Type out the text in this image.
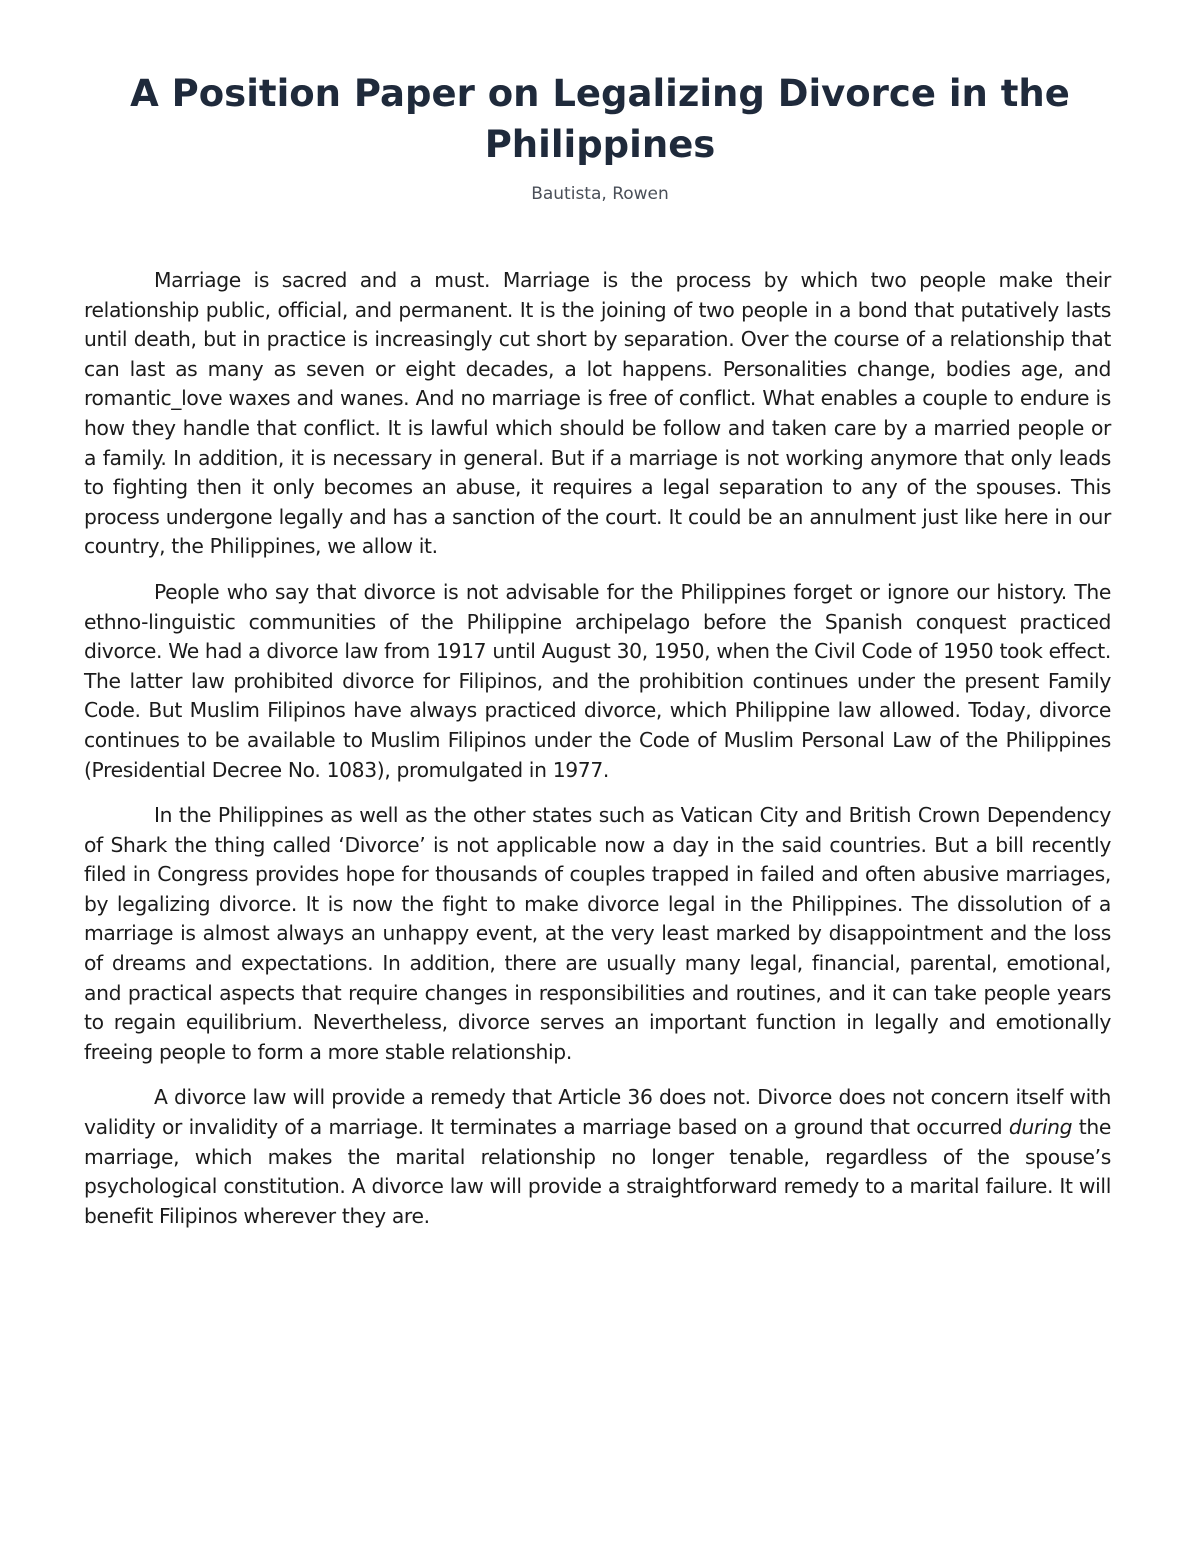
A Position Paper on Legalizing Divorce in the Philippines

Bautista, Rowen

Marriage is sacred and a must. Marriage is the process by which two people make their relationship public, official, and permanent. It is the joining of two people in a bond that putatively lasts until death, but in practice is increasingly cut short by separation. Over the course of a relationship that can last as many as seven or eight decades, a lot happens. Personalities change, bodies age, and romantic_love waxes and wanes. And no marriage is free of conflict. What enables a couple to endure is how they handle that conflict. It is lawful which should be follow and taken care by a married people or a family. In addition, it is necessary in general. But if a marriage is not working anymore that only leads to fighting then it only becomes an abuse, it requires a legal separation to any of the spouses. This process undergone legally and has a sanction of the court. It could be an annulment just like here in our country, the Philippines, we allow it.

People who say that divorce is not advisable for the Philippines forget or ignore our history. The ethno-linguistic communities of the Philippine archipelago before the Spanish conquest practiced divorce. We had a divorce law from 1917 until August 30, 1950, when the Civil Code of 1950 took effect. The latter law prohibited divorce for Filipinos, and the prohibition continues under the present Family Code. But Muslim Filipinos have always practiced divorce, which Philippine law allowed. Today, divorce continues to be available to Muslim Filipinos under the Code of Muslim Personal Law of the Philippines (Presidential Decree No. 1083), promulgated in 1977.

In the Philippines as well as the other states such as Vatican City and British Crown Dependency of Shark the thing called ‘Divorce’ is not applicable now a day in the said countries. But a bill recently filed in Congress provides hope for thousands of couples trapped in failed and often abusive marriages, by legalizing divorce. It is now the fight to make divorce legal in the Philippines. The dissolution of a marriage is almost always an unhappy event, at the very least marked by disappointment and the loss of dreams and expectations. In addition, there are usually many legal, financial, parental, emotional, and practical aspects that require changes in responsibilities and routines, and it can take people years to regain equilibrium. Nevertheless, divorce serves an important function in legally and emotionally freeing people to form a more stable relationship.

A divorce law will provide a remedy that Article 36 does not. Divorce does not concern itself with validity or invalidity of a marriage. It terminates a marriage based on a ground that occurred during the marriage, which makes the marital relationship no longer tenable, regardless of the spouse’s psychological constitution. A divorce law will provide a straightforward remedy to a marital failure. It will benefit Filipinos wherever they are.
